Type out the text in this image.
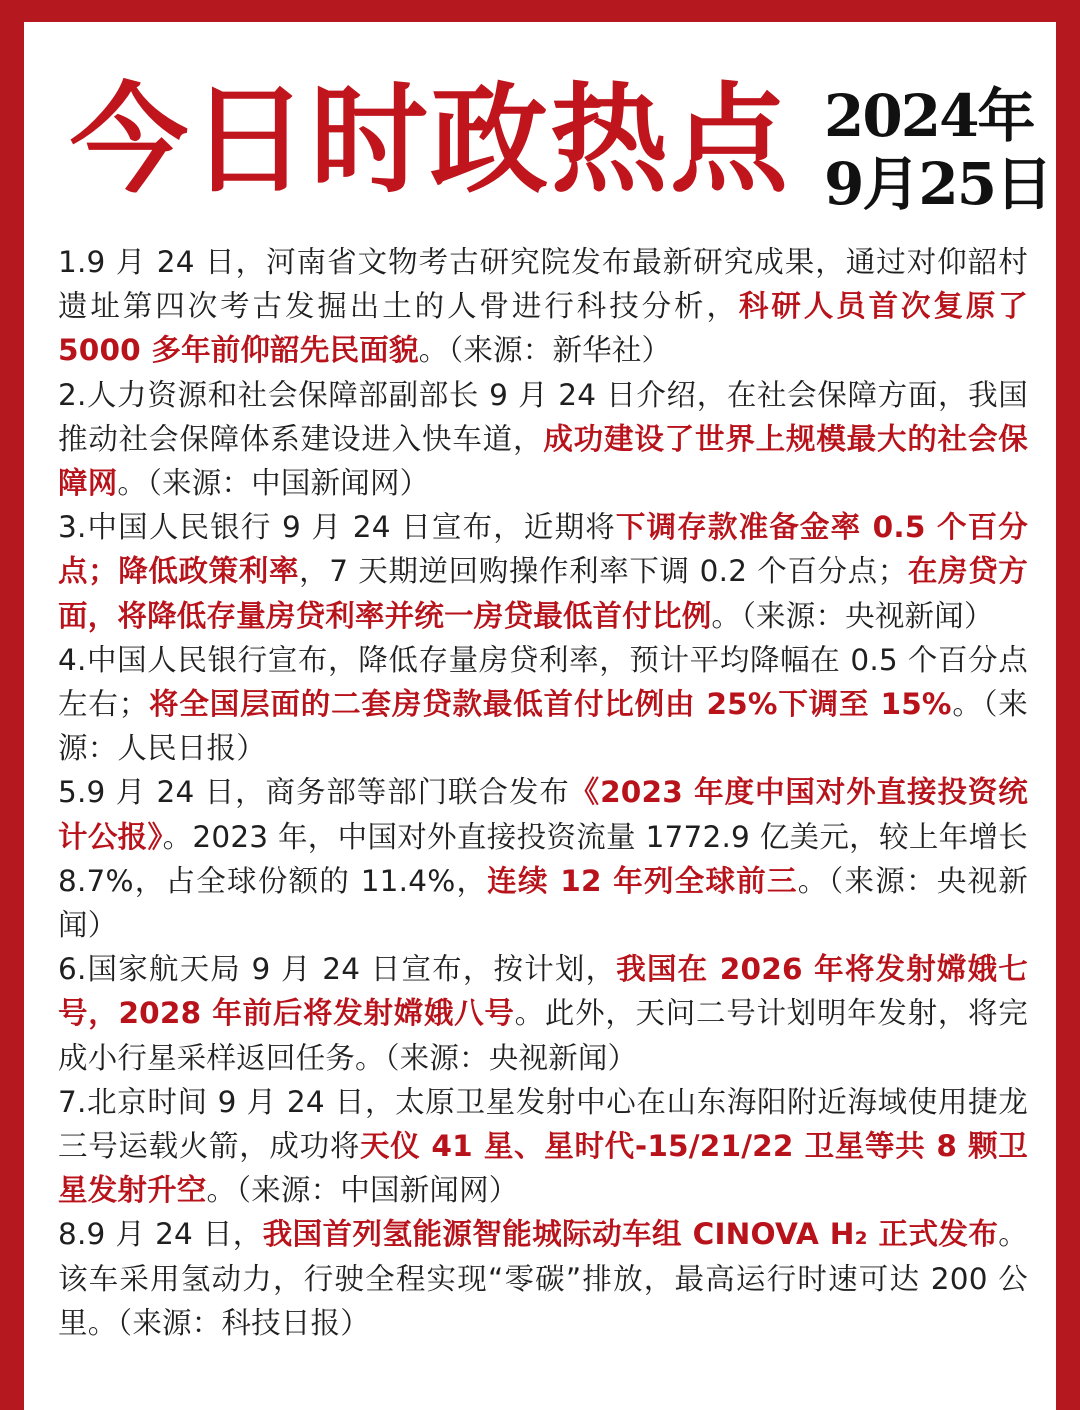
今日时政热点 2024年
9月25日

1.9 月 24 日，河南省文物考古研究院发布最新研究成果，通过对仰韶村遗址第四次考古发掘出土的人骨进行科技分析，科研人员首次复原了 5000 多年前仰韶先民面貌。（来源：新华社）

2.人力资源和社会保障部副部长 9 月 24 日介绍，在社会保障方面，我国推动社会保障体系建设进入快车道，成功建设了世界上规模最大的社会保障网。（来源：中国新闻网）

3.中国人民银行 9 月 24 日宣布，近期将下调存款准备金率 0.5 个百分点；降低政策利率，7 天期逆回购操作利率下调 0.2 个百分点；在房贷方面，将降低存量房贷利率并统一房贷最低首付比例。（来源：央视新闻）

4.中国人民银行宣布，降低存量房贷利率，预计平均降幅在 0.5 个百分点左右；将全国层面的二套房贷款最低首付比例由 25%下调至 15%。（来源：人民日报）

5.9 月 24 日，商务部等部门联合发布《2023 年度中国对外直接投资统计公报》。2023 年，中国对外直接投资流量 1772.9 亿美元，较上年增长 8.7%，占全球份额的 11.4%，连续 12 年列全球前三。（来源：央视新闻）

6.国家航天局 9 月 24 日宣布，按计划，我国在 2026 年将发射嫦娥七号，2028 年前后将发射嫦娥八号。此外，天问二号计划明年发射，将完成小行星采样返回任务。（来源：央视新闻）

7.北京时间 9 月 24 日，太原卫星发射中心在山东海阳附近海域使用捷龙三号运载火箭，成功将天仪 41 星、星时代-15/21/22 卫星等共 8 颗卫星发射升空。（来源：中国新闻网）

8.9 月 24 日，我国首列氢能源智能城际动车组 CINOVA H₂ 正式发布。该车采用氢动力，行驶全程实现“零碳”排放，最高运行时速可达 200 公里。（来源：科技日报）
